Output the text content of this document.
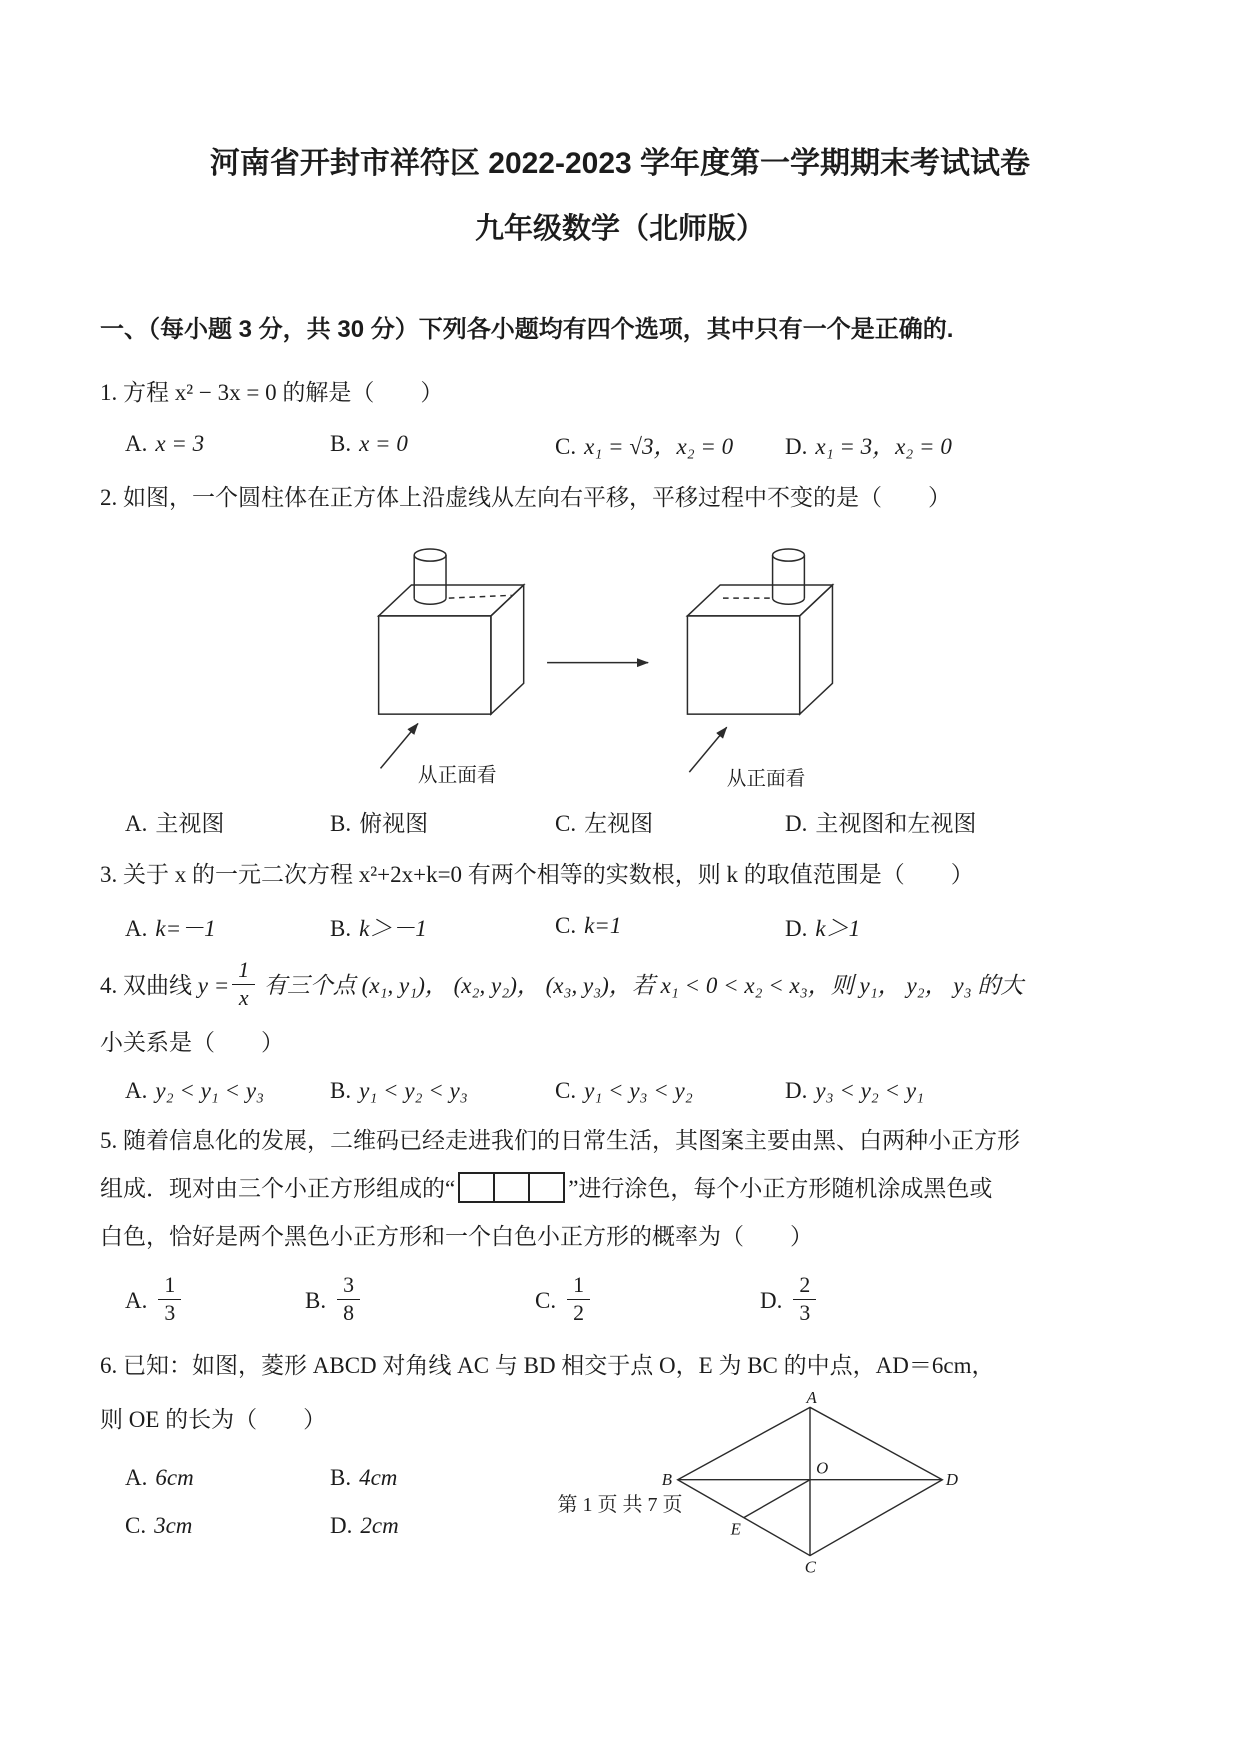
河南省开封市祥符区 2022-2023 学年度第一学期期末考试试卷
九年级数学（北师版）

一、（每小题 3 分，共 30 分）下列各小题均有四个选项，其中只有一个是正确的.

1. 方程 x² − 3x = 0 的解是（　　）

A. x = 3	B. x = 0	C. x₁ = √3，x₂ = 0	D. x₁ = 3，x₂ = 0

2. 如图，一个圆柱体在正方体上沿虚线从左向右平移，平移过程中不变的是（　　）

从正面看	从正面看
A. 主视图	B. 俯视图	C. 左视图	D. 主视图和左视图

3. 关于 x 的一元二次方程 x²+2x+k=0 有两个相等的实数根，则 k 的取值范围是（　　）

A. k=－1	B. k＞－1	C. k=1	D. k＞1

4. 双曲线 $y = \frac{1}{x}$ 有三个点 (x₁, y₁)， (x₂, y₂)， (x₃, y₃)，若 x₁ < 0 < x₂ < x₃，则 y₁， y₂， y₃ 的大

小关系是（　　）

A. y₂ < y₁ < y₃	B. y₁ < y₂ < y₃	C. y₁ < y₃ < y₂	D. y₃ < y₂ < y₁

5. 随着信息化的发展，二维码已经走进我们的日常生活，其图案主要由黑、白两种小正方形

组成．现对由三个小正方形组成的“	”进行涂色，每个小正方形随机涂成黑色或

白色，恰好是两个黑色小正方形和一个白色小正方形的概率为（　　）

A. $\frac{1}{3}$	B. $\frac{3}{8}$	C. $\frac{1}{2}$	D. $\frac{2}{3}$

6. 已知：如图，菱形 ABCD 对角线 AC 与 BD 相交于点 O，E 为 BC 的中点，AD＝6cm，

则 OE 的长为（　　）

A. 6cm	B. 4cm
C. 3cm	D. 2cm
A
B	D
C
O
E
第 1 页 共 7 页
